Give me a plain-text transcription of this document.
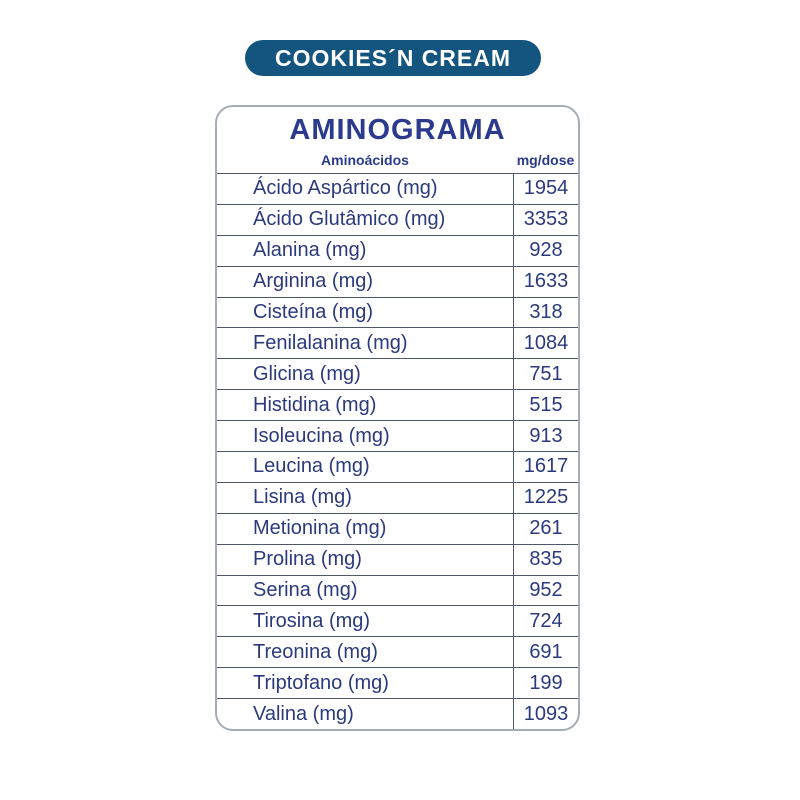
COOKIES´N CREAM
AMINOGRAMA
Aminoácidos	mg/dose
Ácido Aspártico (mg)	1954
Ácido Glutâmico (mg)	3353
Alanina (mg)	928
Arginina (mg)	1633
Cisteína (mg)	318
Fenilalanina (mg)	1084
Glicina (mg)	751
Histidina (mg)	515
Isoleucina (mg)	913
Leucina (mg)	1617
Lisina (mg)	1225
Metionina (mg)	261
Prolina (mg)	835
Serina (mg)	952
Tirosina (mg)	724
Treonina (mg)	691
Triptofano (mg)	199
Valina (mg)	1093
